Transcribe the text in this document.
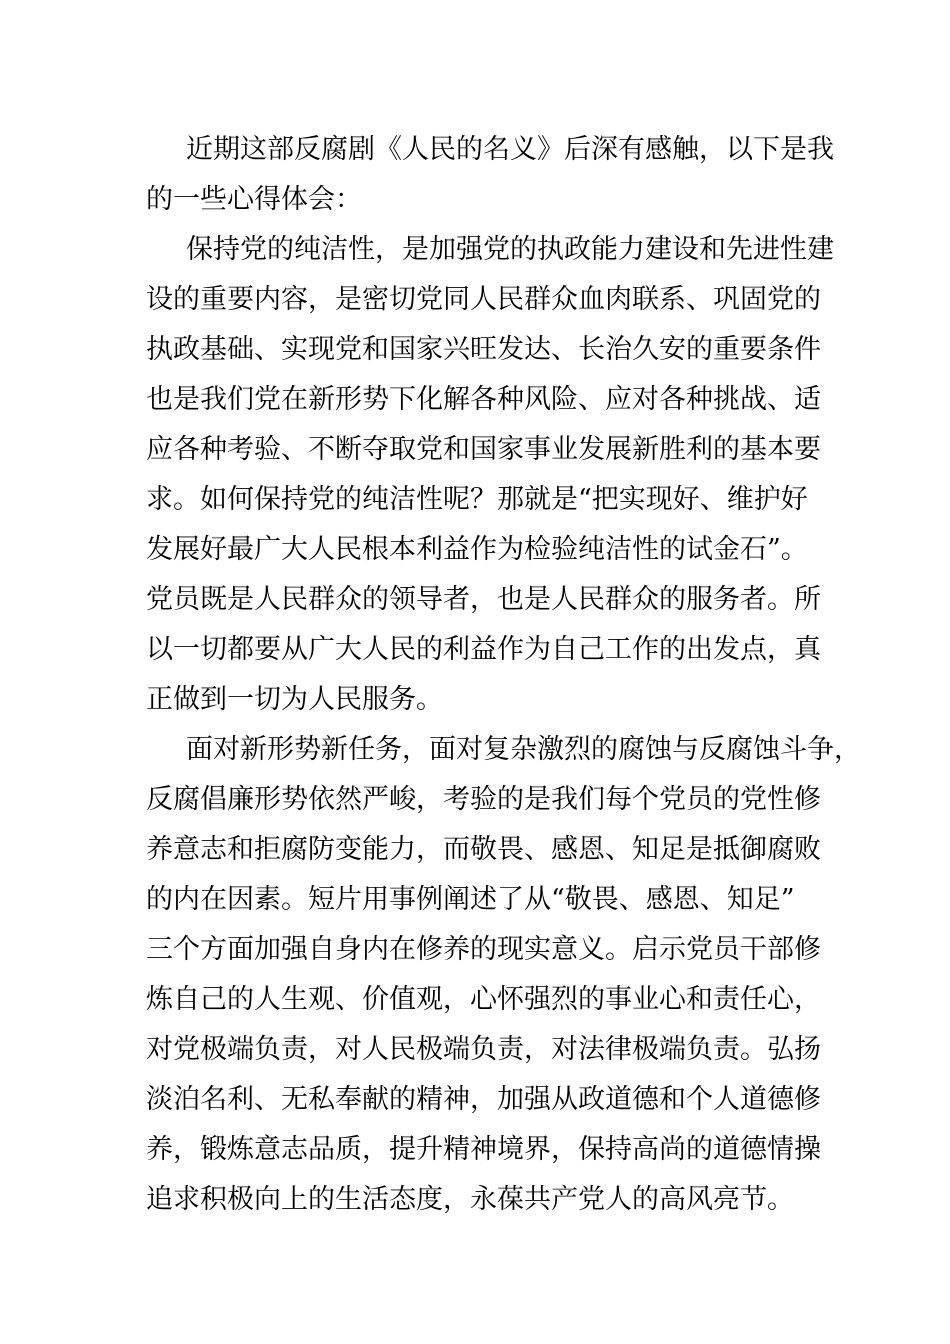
近期这部反腐剧《人民的名义》后深有感触，以下是我
的一些心得体会：
保持党的纯洁性，是加强党的执政能力建设和先进性建
设的重要内容，是密切党同人民群众血肉联系、巩固党的
执政基础、实现党和国家兴旺发达、长治久安的重要条件
也是我们党在新形势下化解各种风险、应对各种挑战、适
应各种考验、不断夺取党和国家事业发展新胜利的基本要
求。如何保持党的纯洁性呢？那就是“把实现好、维护好
发展好最广大人民根本利益作为检验纯洁性的试金石”。
党员既是人民群众的领导者，也是人民群众的服务者。所
以一切都要从广大人民的利益作为自己工作的出发点，真
正做到一切为人民服务。
面对新形势新任务，面对复杂激烈的腐蚀与反腐蚀斗争，
反腐倡廉形势依然严峻，考验的是我们每个党员的党性修
养意志和拒腐防变能力，而敬畏、感恩、知足是抵御腐败
的内在因素。短片用事例阐述了从“敬畏、感恩、知足”
三个方面加强自身内在修养的现实意义。启示党员干部修
炼自己的人生观、价值观，心怀强烈的事业心和责任心，
对党极端负责，对人民极端负责，对法律极端负责。弘扬
淡泊名利、无私奉献的精神，加强从政道德和个人道德修
养，锻炼意志品质，提升精神境界，保持高尚的道德情操
追求积极向上的生活态度，永葆共产党人的高风亮节。
